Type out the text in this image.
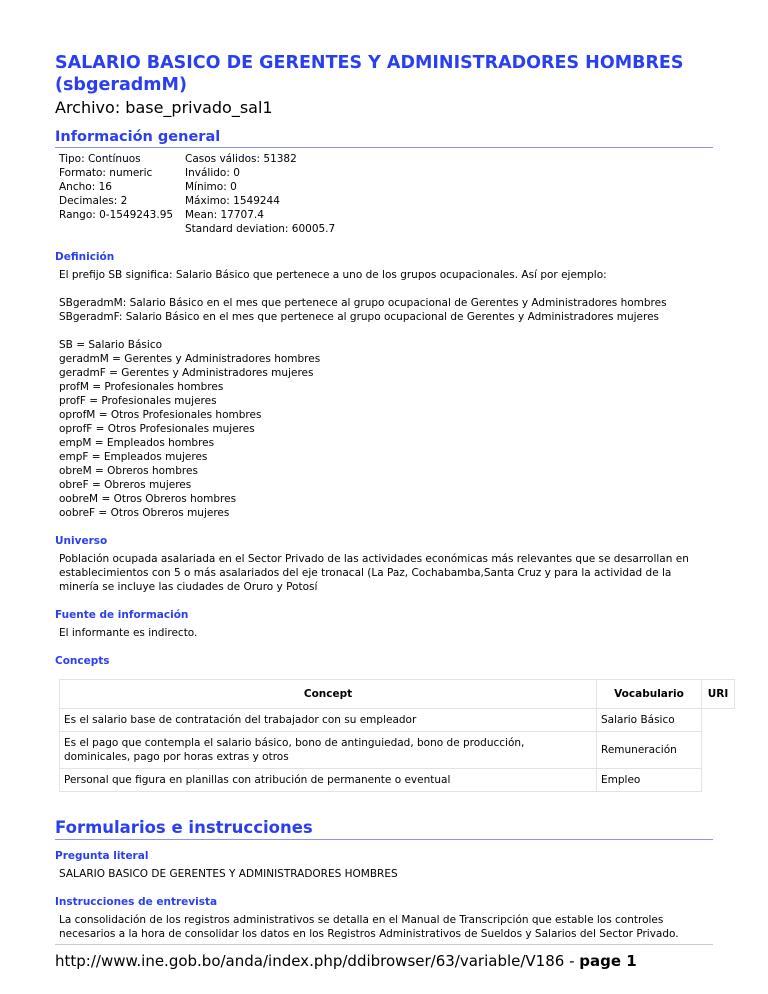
SALARIO BASICO DE GERENTES Y ADMINISTRADORES HOMBRES (sbgeradmM)
Archivo: base_privado_sal1
Información general
Tipo: Contínuos
Formato: numeric
Ancho: 16
Decimales: 2
Rango: 0-1549243.95
Casos válidos: 51382
Inválido: 0
Mínimo: 0
Máximo: 1549244
Mean: 17707.4
Standard deviation: 60005.7
Definición
El prefijo SB significa: Salario Básico que pertenece a uno de los grupos ocupacionales. Así por ejemplo:

SBgeradmM: Salario Básico en el mes que pertenece al grupo ocupacional de Gerentes y Administradores hombres
SBgeradmF: Salario Básico en el mes que pertenece al grupo ocupacional de Gerentes y Administradores mujeres

SB = Salario Básico
geradmM = Gerentes y Administradores hombres
geradmF = Gerentes y Administradores mujeres
profM = Profesionales hombres
profF = Profesionales mujeres
oprofM = Otros Profesionales hombres
oprofF = Otros Profesionales mujeres
empM = Empleados hombres
empF = Empleados mujeres
obreM = Obreros hombres
obreF = Obreros mujeres
oobreM = Otros Obreros hombres
oobreF = Otros Obreros mujeres
Universo
Población ocupada asalariada en el Sector Privado de las actividades económicas más relevantes que se desarrollan en establecimientos con 5 o más asalariados del eje tronacal (La Paz, Cochabamba,Santa Cruz y para la actividad de la minería se incluye las ciudades de Oruro y Potosí
Fuente de información
El informante es indirecto.
Concepts
Concept	Vocabulario	URI
Es el salario base de contratación del trabajador con su empleador	Salario Básico	
Es el pago que contempla el salario básico, bono de antinguiedad, bono de producción, dominicales, pago por horas extras y otros	Remuneración	
Personal que figura en planillas con atribución de permanente o eventual	Empleo	
Formularios e instrucciones
Pregunta literal
SALARIO BASICO DE GERENTES Y ADMINISTRADORES HOMBRES
Instrucciones de entrevista
La consolidación de los registros administrativos se detalla en el Manual de Transcripción que estable los controles necesarios a la hora de consolidar los datos en los Registros Administrativos de Sueldos y Salarios del Sector Privado.
http://www.ine.gob.bo/anda/index.php/ddibrowser/63/variable/V186 - page 1
